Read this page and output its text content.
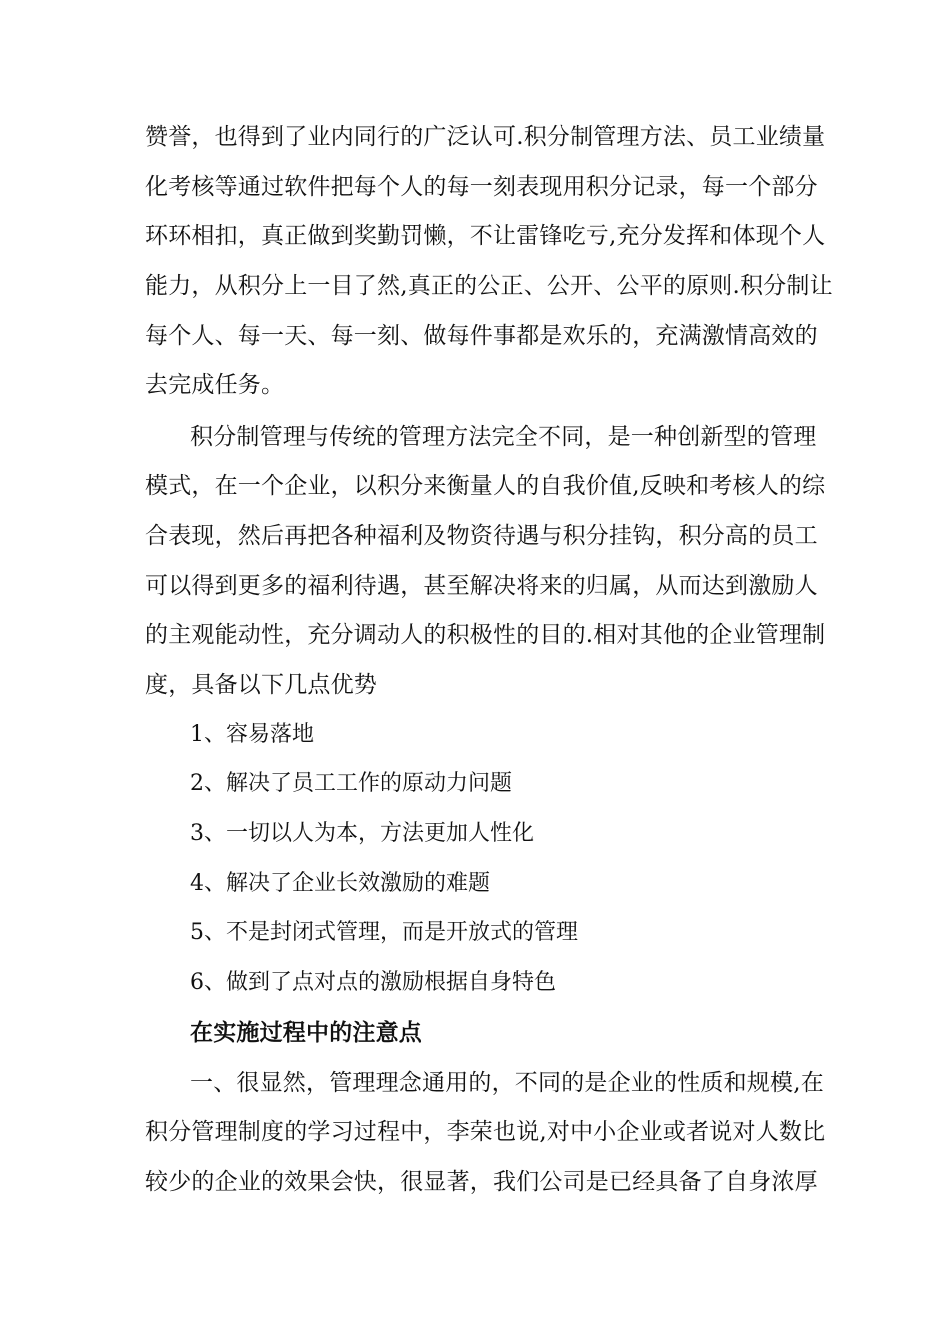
赞誉，也得到了业内同行的广泛认可.积分制管理方法、员工业绩量
化考核等通过软件把每个人的每一刻表现用积分记录，每一个部分
环环相扣，真正做到奖勤罚懒，不让雷锋吃亏,充分发挥和体现个人
能力，从积分上一目了然,真正的公正、公开、公平的原则.积分制让
每个人、每一天、每一刻、做每件事都是欢乐的，充满激情高效的
去完成任务。
积分制管理与传统的管理方法完全不同，是一种创新型的管理
模式，在一个企业，以积分来衡量人的自我价值,反映和考核人的综
合表现，然后再把各种福利及物资待遇与积分挂钩，积分高的员工
可以得到更多的福利待遇，甚至解决将来的归属，从而达到激励人
的主观能动性，充分调动人的积极性的目的.相对其他的企业管理制
度，具备以下几点优势
1、容易落地
2、解决了员工工作的原动力问题
3、一切以人为本，方法更加人性化
4、解决了企业长效激励的难题
5、不是封闭式管理，而是开放式的管理
6、做到了点对点的激励根据自身特色
在实施过程中的注意点
一、很显然，管理理念通用的，不同的是企业的性质和规模,在
积分管理制度的学习过程中，李荣也说,对中小企业或者说对人数比
较少的企业的效果会快，很显著，我们公司是已经具备了自身浓厚
